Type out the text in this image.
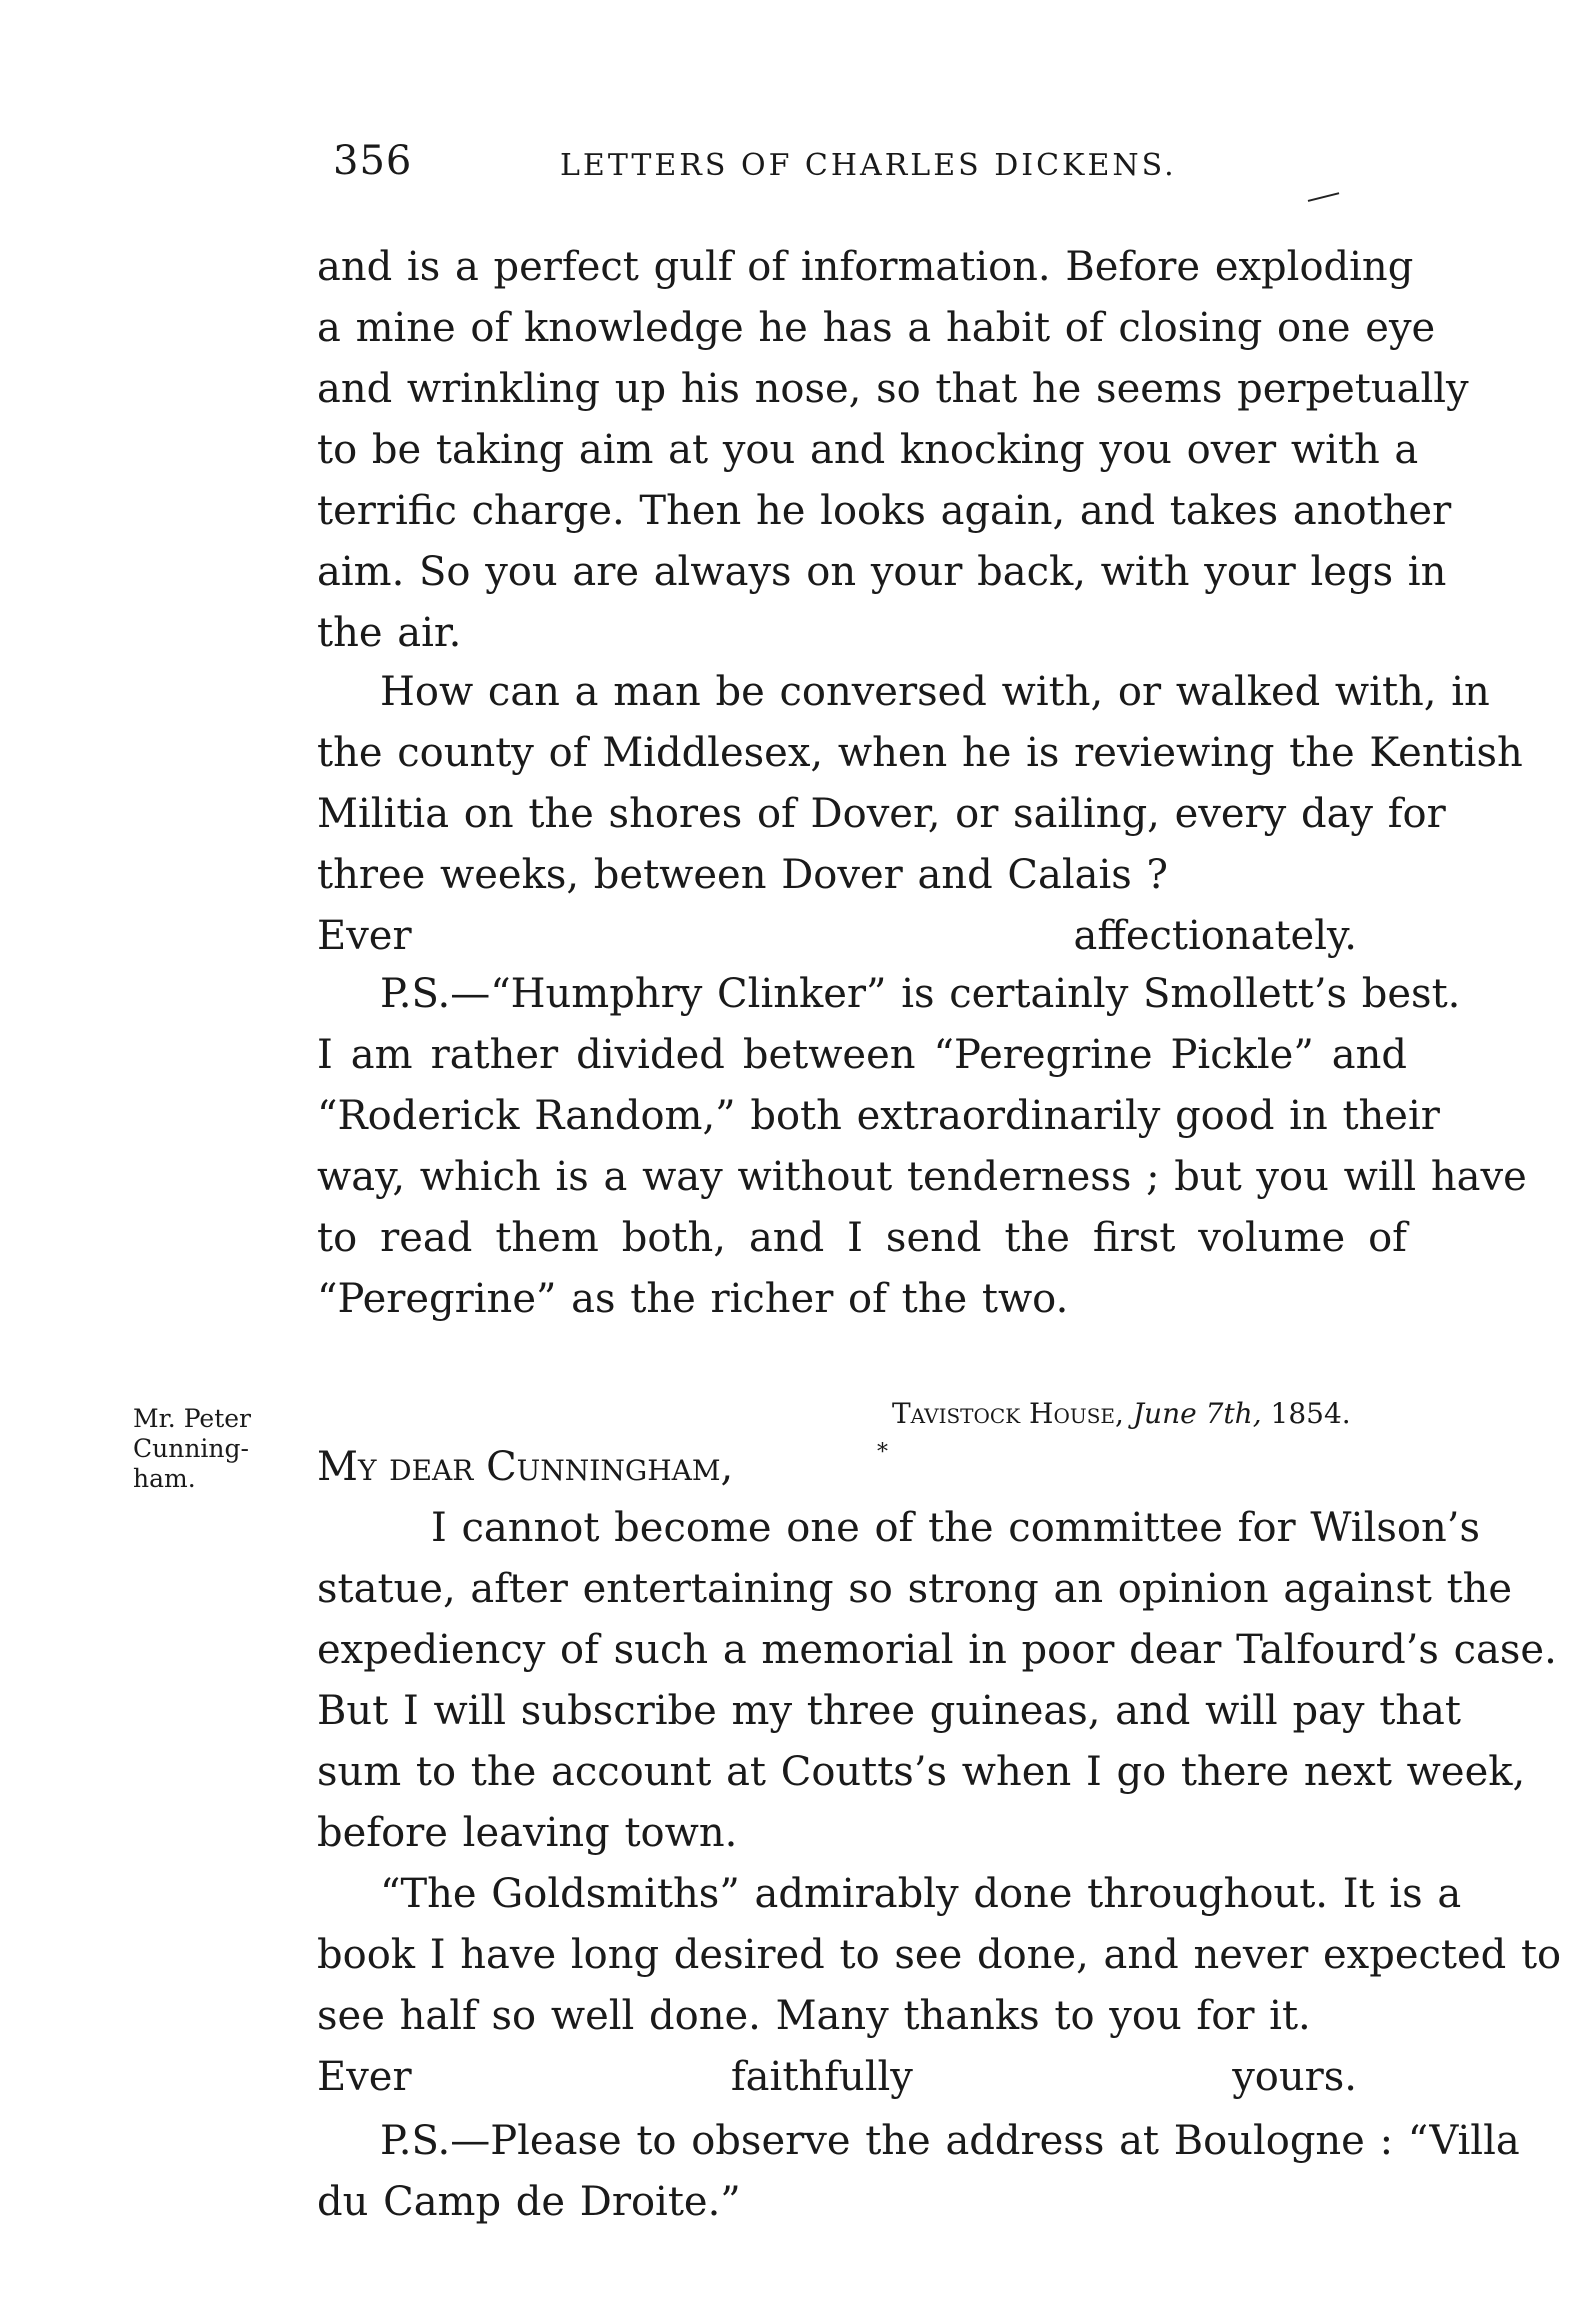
356	LETTERS OF CHARLES DICKENS.
and is a perfect gulf of information. Before exploding
a mine of knowledge he has a habit of closing one eye
and wrinkling up his nose, so that he seems perpetually
to be taking aim at you and knocking you over with a
terrific charge. Then he looks again, and takes another
aim. So you are always on your back, with your legs in
the air.
How can a man be conversed with, or walked with, in
the county of Middlesex, when he is reviewing the Kentish
Militia on the shores of Dover, or sailing, every day for
three weeks, between Dover and Calais ?
Ever affectionately.
P.S.—“Humphry Clinker” is certainly Smollett’s best.
I am rather divided between “Peregrine Pickle” and
“Roderick Random,” both extraordinarily good in their
way, which is a way without tenderness ; but you will have
to read them both, and I send the first volume of
“Peregrine” as the richer of the two.
Mr. Peter
Cunning-
ham.
Tavistock House, June 7th, 1854.
My dear Cunningham,	*
I cannot become one of the committee for Wilson’s
statue, after entertaining so strong an opinion against the
expediency of such a memorial in poor dear Talfourd’s case.
But I will subscribe my three guineas, and will pay that
sum to the account at Coutts’s when I go there next week,
before leaving town.
“The Goldsmiths” admirably done throughout. It is a
book I have long desired to see done, and never expected to
see half so well done. Many thanks to you for it.
Ever faithfully yours.
P.S.—Please to observe the address at Boulogne : “Villa
du Camp de Droite.”
